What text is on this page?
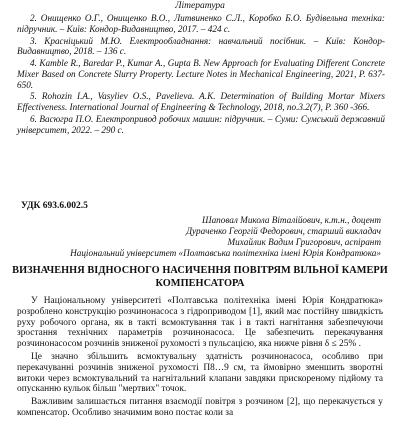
Література

2. Онищенко О.Г., Онищенко В.О., Литвиненко С.Л., Коробко Б.О. Будівельна техніка: підручник. – Київ: Кондор-Видавництво, 2017. – 424 с.
3. Красніцький М.Ю. Електрообладнання: навчальний посібник. – Київ: Кондор-Видавництво, 2018. – 136 с.
4. Kamble R., Baredar P., Kumar A., Gupta B. New Approach for Evaluating Different Concrete Mixer Based on Concrete Slurry Property. Lecture Notes in Mechanical Engineering, 2021, P. 637-650.
5. Rohozin I.A., Vasyliev O.S., Pavelieva. A.K. Determination of Building Mortar Mixers Effectiveness. International Journal of Engineering & Technology, 2018, no.3.2(7), P. 360 -366.
6. Васюгра П.О. Електропривод робочих машин: підручник. – Суми: Сумський державний університет, 2022. – 290 с.

УДК 693.6.002.5

Шаповал Микола Віталійович, к.т.н., доцент

Дураченко Георгій Федорович, старший викладач

Михайлик Вадим Григорович, аспірант

Національний університет «Полтавська політехніка імені Юрія Кондратюка»

ВИЗНАЧЕННЯ ВІДНОСНОГО НАСИЧЕННЯ ПОВІТРЯМ ВІЛЬНОЇ КАМЕРИ КОМПЕНСАТОРА

У Національному університеті «Полтавська політехніка імені Юрія Кондратюка» розроблено конструкцію розчинонасоса з гідроприводом [1], який має постійну швидкість руху робочого органа, як в такті всмоктування так і в такті нагнітання забезпечуючи зростання технічних параметрів розчинонасоса. Це забезпечить перекачування розчинонасосом розчинів зниженої рухомості з пульсацією, яка нижче рівня δ ≤ 25% .

Це значно збільшить всмоктувальну здатність розчинонасоса, особливо при перекачуванні розчинів зниженої рухомості П8…9 см, та ймовірно зменшить зворотні витоки через всмоктувальний та нагнітальний клапани завдяки прискореному підйому та опусканню кульок більш "мертвих" точок.

Важливим залишається питання взаємодії повітря з розчином [2], що перекачується у компенсатор. Особливо значимим воно постає коли за
